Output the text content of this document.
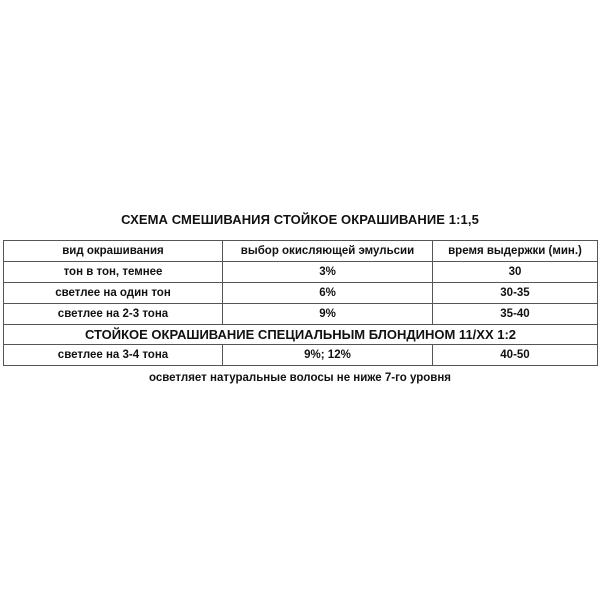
СХЕМА СМЕШИВАНИЯ СТОЙКОЕ ОКРАШИВАНИЕ 1:1,5
вид окрашивания	выбор окисляющей эмульсии	время выдержки (мин.)
тон в тон, темнее	3%	30
светлее на один тон	6%	30-35
светлее на 2-3 тона	9%	35-40
СТОЙКОЕ ОКРАШИВАНИЕ СПЕЦИАЛЬНЫМ БЛОНДИНОМ 11/ХХ 1:2		
светлее на 3-4 тона	9%; 12%	40-50
осветляет натуральные волосы не ниже 7-го уровня
